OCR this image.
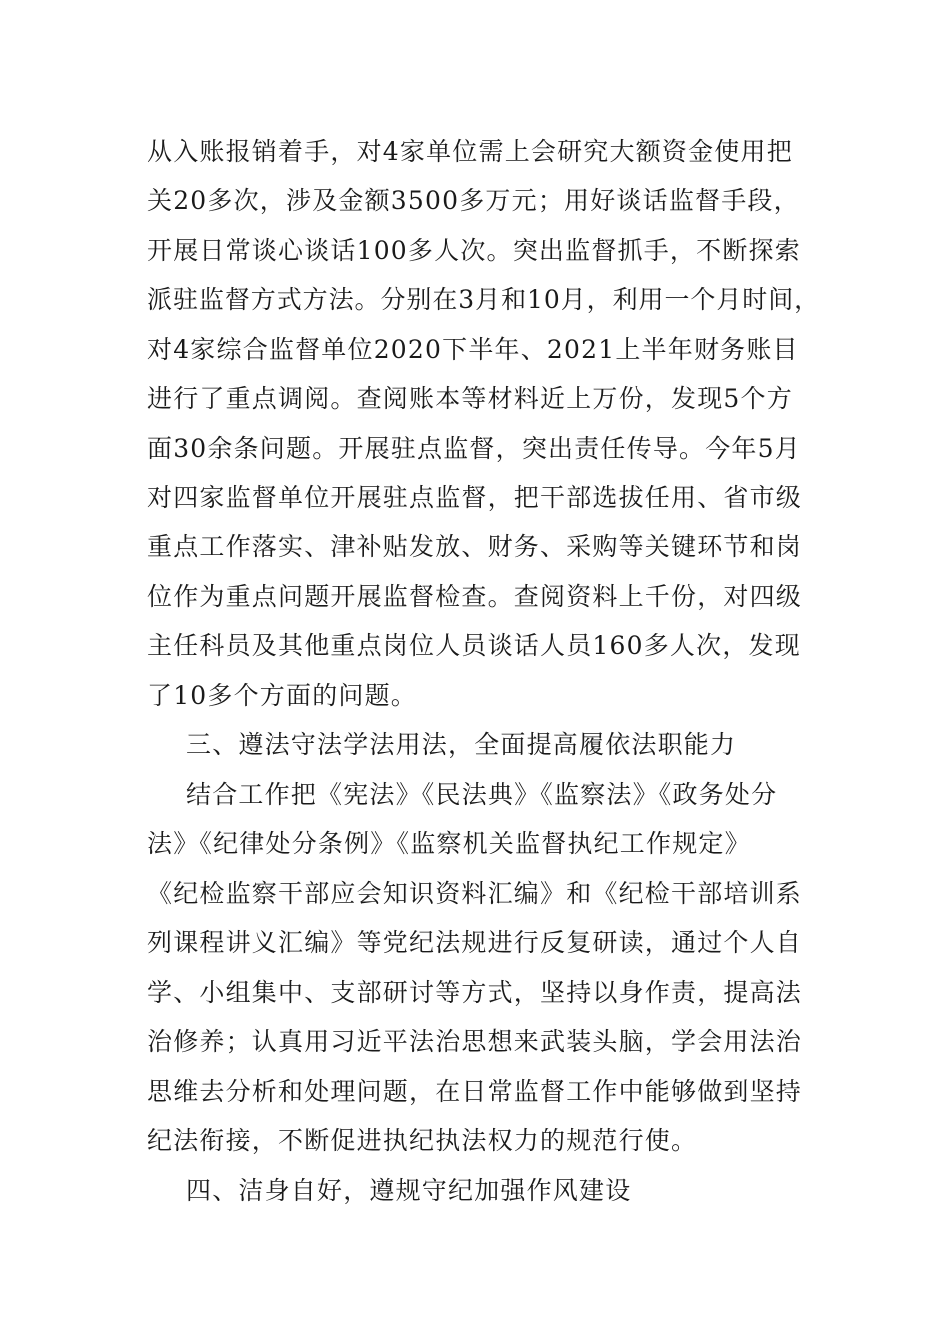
从入账报销着手，对4家单位需上会研究大额资金使用把
关20多次，涉及金额3500多万元；用好谈话监督手段，
开展日常谈心谈话100多人次。突出监督抓手，不断探索
派驻监督方式方法。分别在3月和10月，利用一个月时间，
对4家综合监督单位2020下半年、2021上半年财务账目
进行了重点调阅。查阅账本等材料近上万份，发现5个方
面30余条问题。开展驻点监督，突出责任传导。今年5月
对四家监督单位开展驻点监督，把干部选拔任用、省市级
重点工作落实、津补贴发放、财务、采购等关键环节和岗
位作为重点问题开展监督检查。查阅资料上千份，对四级
主任科员及其他重点岗位人员谈话人员160多人次，发现
了10多个方面的问题。
三、遵法守法学法用法，全面提高履依法职能力
结合工作把《宪法》《民法典》《监察法》《政务处分
法》《纪律处分条例》《监察机关监督执纪工作规定》
《纪检监察干部应会知识资料汇编》和《纪检干部培训系
列课程讲义汇编》等党纪法规进行反复研读，通过个人自
学、小组集中、支部研讨等方式，坚持以身作责，提高法
治修养；认真用习近平法治思想来武装头脑，学会用法治
思维去分析和处理问题，在日常监督工作中能够做到坚持
纪法衔接，不断促进执纪执法权力的规范行使。
四、洁身自好，遵规守纪加强作风建设
